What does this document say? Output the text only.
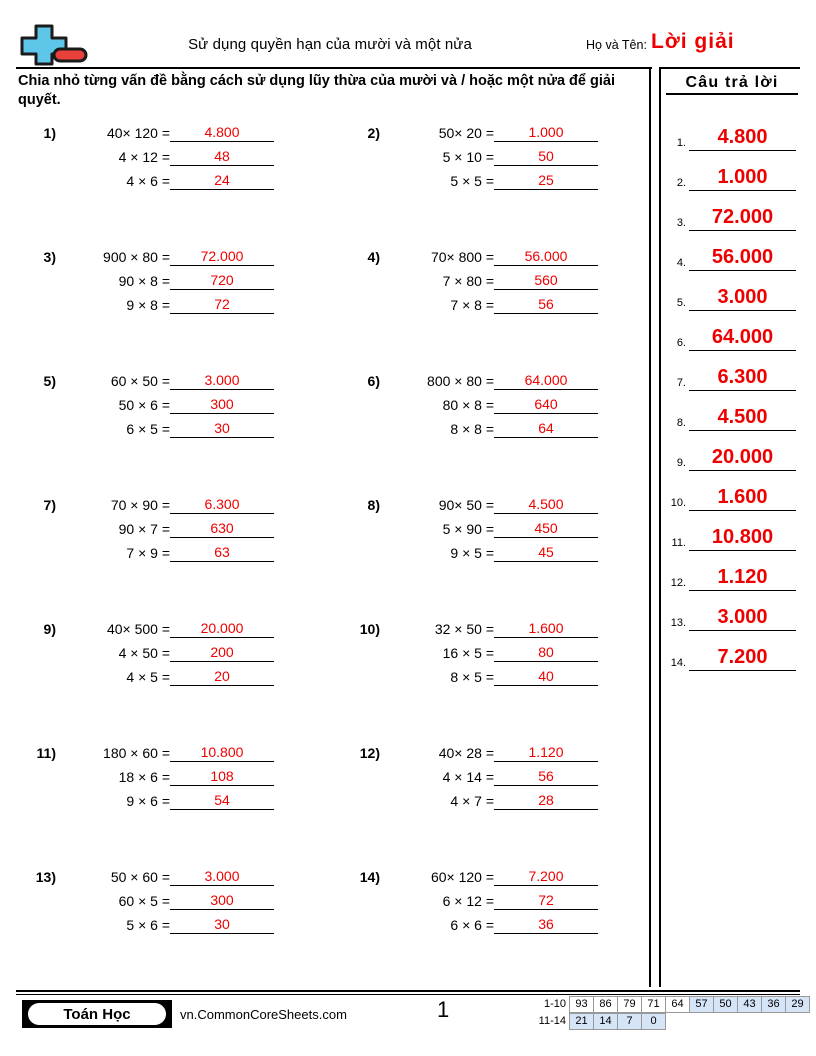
Sử dụng quyền hạn của mười và một nửa	Họ và Tên: Lời giải
Chia nhỏ từng vấn đề bằng cách sử dụng lũy thừa của mười và / hoặc một nửa để giải quyết.
1)	40× 120 =	4.800
4 × 12 =	48
4 × 6 =	24
2)	50× 20 =	1.000
5 × 10 =	50
5 × 5 =	25
3)	900 × 80 =	72.000
90 × 8 =	720
9 × 8 =	72
4)	70× 800 =	56.000
7 × 80 =	560
7 × 8 =	56
5)	60 × 50 =	3.000
50 × 6 =	300
6 × 5 =	30
6)	800 × 80 =	64.000
80 × 8 =	640
8 × 8 =	64
7)	70 × 90 =	6.300
90 × 7 =	630
7 × 9 =	63
8)	90× 50 =	4.500
5 × 90 =	450
9 × 5 =	45
9)	40× 500 =	20.000
4 × 50 =	200
4 × 5 =	20
10)	32 × 50 =	1.600
16 × 5 =	80
8 × 5 =	40
11)	180 × 60 =	10.800
18 × 6 =	108
9 × 6 =	54
12)	40× 28 =	1.120
4 × 14 =	56
4 × 7 =	28
13)	50 × 60 =	3.000
60 × 5 =	300
5 × 6 =	30
14)	60× 120 =	7.200
6 × 12 =	72
6 × 6 =	36
Câu trả lời
1.	4.800
2.	1.000
3.	72.000
4.	56.000
5.	3.000
6.	64.000
7.	6.300
8.	4.500
9.	20.000
10.	1.600
11.	10.800
12.	1.120
13.	3.000
14.	7.200
Toán Học	vn.CommonCoreSheets.com	1	1-10 93	86	79	71	64	57	50	43	36	29
11-14 21	14	7	0
